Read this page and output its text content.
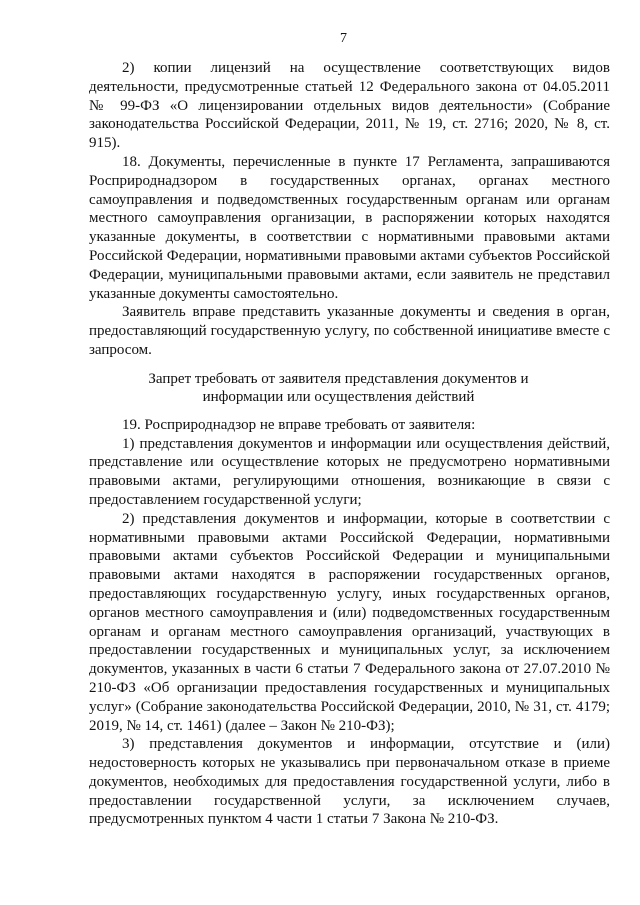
7

2) копии лицензий на осуществление соответствующих видов деятельности, предусмотренные статьей 12 Федерального закона от 04.05.2011 № 99-ФЗ «О лицензировании отдельных видов деятельности» (Собрание законодательства Российской Федерации, 2011, № 19, ст. 2716; 2020, № 8, ст. 915).

18. Документы, перечисленные в пункте 17 Регламента, запрашиваются Росприроднадзором в государственных органах, органах местного самоуправления и подведомственных государственным органам или органам местного самоуправления организации, в распоряжении которых находятся указанные документы, в соответствии с нормативными правовыми актами Российской Федерации, нормативными правовыми актами субъектов Российской Федерации, муниципальными правовыми актами, если заявитель не представил указанные документы самостоятельно.

Заявитель вправе представить указанные документы и сведения в орган, предоставляющий государственную услугу, по собственной инициативе вместе с запросом.

Запрет требовать от заявителя представления документов и
информации или осуществления действий

19. Росприроднадзор не вправе требовать от заявителя:

1) представления документов и информации или осуществления действий, представление или осуществление которых не предусмотрено нормативными правовыми актами, регулирующими отношения, возникающие в связи с предоставлением государственной услуги;

2) представления документов и информации, которые в соответствии с нормативными правовыми актами Российской Федерации, нормативными правовыми актами субъектов Российской Федерации и муниципальными правовыми актами находятся в распоряжении государственных органов, предоставляющих государственную услугу, иных государственных органов, органов местного самоуправления и (или) подведомственных государственным органам и органам местного самоуправления организаций, участвующих в предоставлении государственных и муниципальных услуг, за исключением документов, указанных в части 6 статьи 7 Федерального закона от 27.07.2010 № 210-ФЗ «Об организации предоставления государственных и муниципальных услуг» (Собрание законодательства Российской Федерации, 2010, № 31, ст. 4179; 2019, № 14, ст. 1461) (далее – Закон № 210-ФЗ);

3) представления документов и информации, отсутствие и (или) недостоверность которых не указывались при первоначальном отказе в приеме документов, необходимых для предоставления государственной услуги, либо в предоставлении государственной услуги, за исключением случаев, предусмотренных пунктом 4 части 1 статьи 7 Закона № 210-ФЗ.
